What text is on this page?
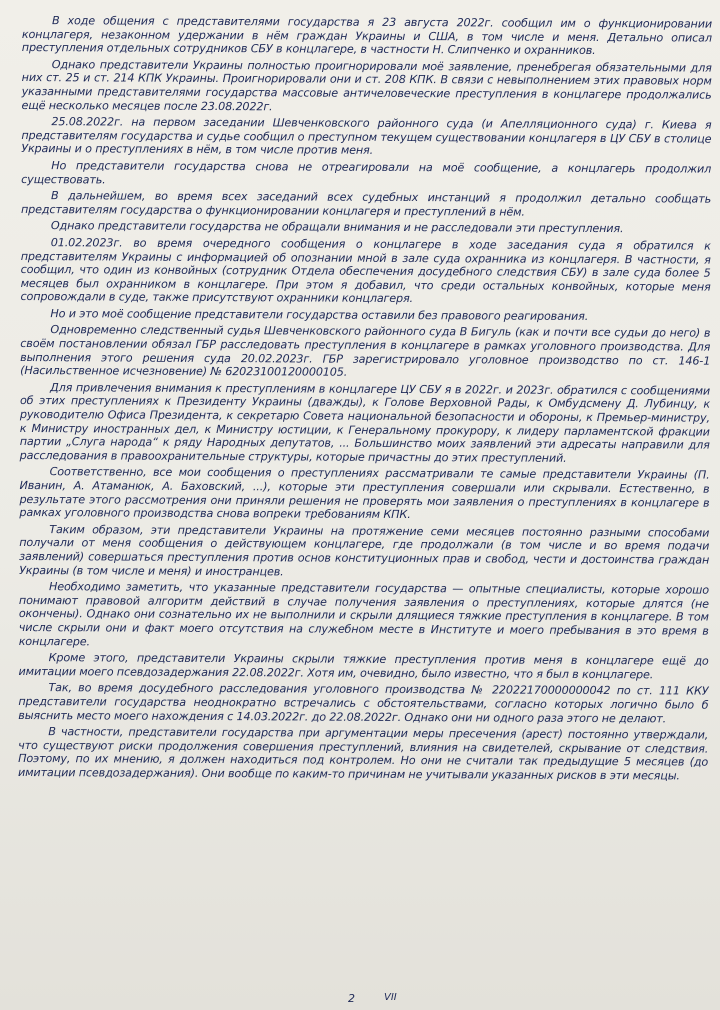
В ходе общения с представителями государства я 23 августа 2022г. сообщил им о функционировании концлагеря, незаконном удержании в нём граждан Украины и США, в том числе и меня. Детально описал преступления отдельных сотрудников СБУ в концлагере, в частности Н. Слипченко и охранников.

Однако представители Украины полностью проигнорировали моё заявление, пренебрегая обязательными для них ст. 25 и ст. 214 КПК Украины. Проигнорировали они и ст. 208 КПК. В связи с невыполнением этих правовых норм указанными представителями государства массовые античеловеческие преступления в концлагере продолжались ещё несколько месяцев после 23.08.2022г.

25.08.2022г. на первом заседании Шевченковского районного суда (и Апелляционного суда) г. Киева я представителям государства и судье сообщил о преступном текущем существовании концлагеря в ЦУ СБУ в столице Украины и о преступлениях в нём, в том числе против меня.

Но представители государства снова не отреагировали на моё сообщение, а концлагерь продолжил существовать.

В дальнейшем, во время всех заседаний всех судебных инстанций я продолжил детально сообщать представителям государства о функционировании концлагеря и преступлений в нём.

Однако представители государства не обращали внимания и не расследовали эти преступления.

01.02.2023г. во время очередного сообщения о концлагере в ходе заседания суда я обратился к представителям Украины с информацией об опознании мной в зале суда охранника из концлагеря. В частности, я сообщил, что один из конвойных (сотрудник Отдела обеспечения досудебного следствия СБУ) в зале суда более 5 месяцев был охранником в концлагере. При этом я добавил, что среди остальных конвойных, которые меня сопровождали в суде, также присутствуют охранники концлагеря.

Но и это моё сообщение представители государства оставили без правового реагирования.

Одновременно следственный судья Шевченковского районного суда В Бигуль (как и почти все судьи до него) в своём постановлении обязал ГБР расследовать преступления в концлагере в рамках уголовного производства. Для выполнения этого решения суда 20.02.2023г. ГБР зарегистрировало уголовное производство по ст. 146-1 (Насильственное исчезновение) № 62023100120000105.

Для привлечения внимания к преступлениям в концлагере ЦУ СБУ я в 2022г. и 2023г. обратился с сообщениями об этих преступлениях к Президенту Украины (дважды), к Голове Верховной Рады, к Омбудсмену Д. Лубинцу, к руководителю Офиса Президента, к секретарю Совета национальной безопасности и обороны, к Премьер-министру, к Министру иностранных дел, к Министру юстиции, к Генеральному прокурору, к лидеру парламентской фракции партии „Слуга народа“ к ряду Народных депутатов, ... Большинство моих заявлений эти адресаты направили для расследования в правоохранительные структуры, которые причастны до этих преступлений.

Соответственно, все мои сообщения о преступлениях рассматривали те самые представители Украины (П. Иванин, А. Атаманюк, А. Баховский, ...), которые эти преступления совершали или скрывали. Естественно, в результате этого рассмотрения они приняли решения не проверять мои заявления о преступлениях в концлагере в рамках уголовного производства снова вопреки требованиям КПК.

Таким образом, эти представители Украины на протяжение семи месяцев постоянно разными способами получали от меня сообщения о действующем концлагере, где продолжали (в том числе и во время подачи заявлений) совершаться преступления против основ конституционных прав и свобод, чести и достоинства граждан Украины (в том числе и меня) и иностранцев.

Необходимо заметить, что указанные представители государства — опытные специалисты, которые хорошо понимают правовой алгоритм действий в случае получения заявления о преступлениях, которые длятся (не окончены). Однако они сознательно их не выполнили и скрыли длящиеся тяжкие преступления в концлагере. В том числе скрыли они и факт моего отсутствия на служебном месте в Институте и моего пребывания в это время в концлагере.

Кроме этого, представители Украины скрыли тяжкие преступления против меня в концлагере ещё до имитации моего псевдозадержания 22.08.2022г. Хотя им, очевидно, было известно, что я был в концлагере.

Так, во время досудебного расследования уголовного производства № 22022170000000042 по ст. 111 ККУ представители государства неоднократно встречались с обстоятельствами, согласно которых логично было б выяснить место моего нахождения с 14.03.2022г. до 22.08.2022г. Однако они ни одного раза этого не делают.

В частности, представители государства при аргументации меры пресечения (арест) постоянно утверждали, что существуют риски продолжения совершения преступлений, влияния на свидетелей, скрывание от следствия. Поэтому, по их мнению, я должен находиться под контролем. Но они не считали так предыдущие 5 месяцев (до имитации псевдозадержания). Они вообще по каким-то причинам не учитывали указанных рисков в эти месяцы.

2	VII
